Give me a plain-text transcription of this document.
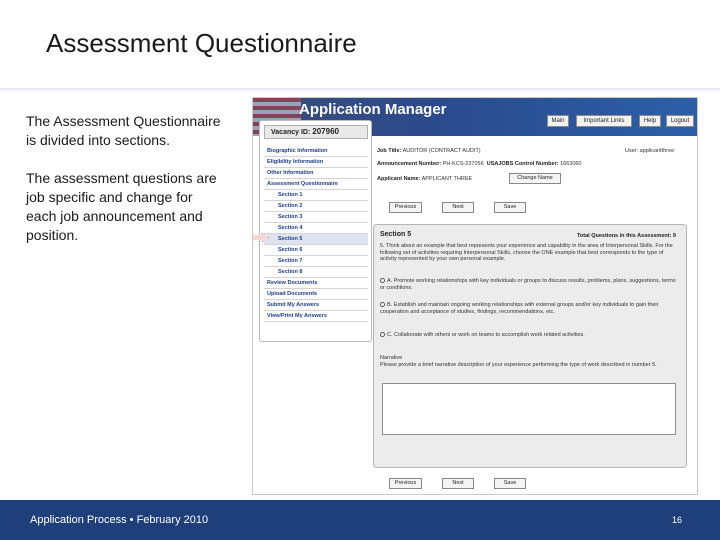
Assessment Questionnaire

The Assessment Questionnaire is divided into sections.

The assessment questions are job specific and change for each job announcement and position.

Application Manager
Main	Important Links	Help	Logout
Vacancy ID: 207960
Biographic Information
Eligibility Information
Other Information
Assessment Questionnaire
Section 1
Section 2
Section 3
Section 4
Section 5
Section 6
Section 7
Section 8
Review Documents
Upload Documents
Submit My Answers
View/Print My Answers
Job Title: AUDITOR (CONTRACT AUDIT)	User: applicantthree
Announcement Number: PH-KCS-237056 USAJOBS Control Number: 1663060
Applicant Name: APPLICANT THREE	Change Name
Previous	Next	Save
Section 5	Total Questions in this Assessment: 9
5. Think about an example that best represents your experience and capability in the area of Interpersonal Skills. For the following set of activities requiring Interpersonal Skills, choose the ONE example that best corresponds to the type of activity represented by your own personal example.
A. Promote working relationships with key individuals or groups to discuss results, problems, plans, suggestions, terms or conditions.
B. Establish and maintain ongoing working relationships with external groups and/or key individuals to gain their cooperation and acceptance of studies, findings, recommendations, etc.
C. Collaborate with others or work on teams to accomplish work related activities.
Narrative
Please provide a brief narrative description of your experience performing the type of work described in number 5.
Previous	Next	Save
Application Process • February 2010	16
